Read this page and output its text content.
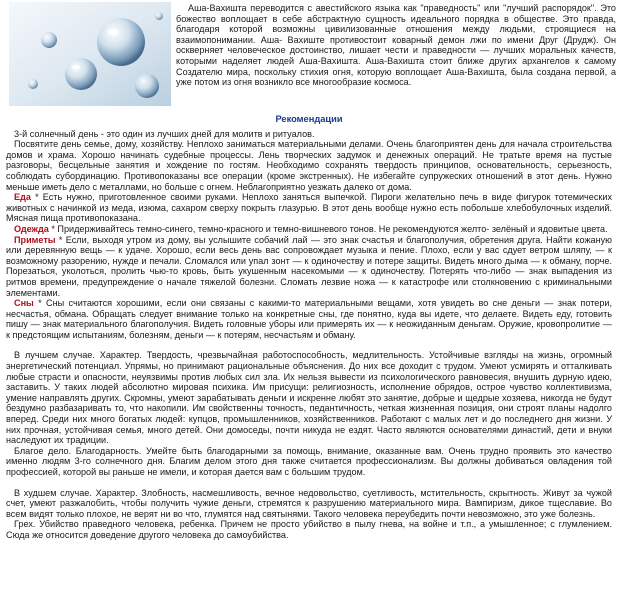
Аша-Вахишта переводится с авестийского языка как "праведность" или "лучший распорядок". Это божество воплощает в себе абстрактную сущность идеального порядка в обществе. Это правда, благодаря которой возможны цивилизованные отношения между людьми, строящиеся на взаимопонимании. Аша- Вахиште противостоит коварный демон лжи по имени Друг (Друдж). Он оскверняет человеческое достоинство, лишает чести и праведности — лучших моральных качеств, которыми наделяет людей Аша-Вахишта. Аша-Вахишта стоит ближе других архангелов к самому Создателю мира, поскольку стихия огня, которую воплощает Аша-Вахишта, была создана первой, а уже потом из огня возникло все многообразие космоса.

Рекомендации

3-й солнечный день - это один из лучших дней для молитв и ритуалов.

Посвятите день семье, дому, хозяйству. Неплохо заниматься материальными делами. Очень благоприятен день для начала строительства домов и храма. Хорошо начинать судебные процессы. Лень творческих задумок и денежных операций. Не тратьте время на пустые разговоры, бесцельные занятия и хождение по гостям. Необходимо сохранять твердость принципов, основательность, серьезность, соблюдать субординацию. Противопоказаны все операции (кроме экстренных). Не избегайте супружеских отношений в этот день. Нужно меньше иметь дело с металлами, но больше с огнем. Неблагоприятно уезжать далеко от дома.

Еда * Есть нужно, приготовленное своими руками. Неплохо заняться выпечкой. Пироги желательно печь в виде фигурок тотемических животных с начинкой из меда, изюма, сахаром сверху покрыть глазурью. В этот день вообще нужно есть побольше хлебобулочных изделий. Мясная пища противопоказана.

Одежда * Придерживайтесь темно-синего, темно-красного и темно-вишневого тонов. Не рекомендуются желто- зелёный и ядовитые цвета.

Приметы * Если, выходя утром из дому, вы услышите собачий лай — это знак счастья и благополучия, обретения друга. Найти кожаную или деревянную вещь — к удаче. Хорошо, если весь день вас сопровождает музыка и пение. Плохо, если у вас сдует ветром шляпу, — к возможному разорению, нужде и печали. Сломался или упал зонт — к одиночеству и потере защиты. Видеть много дыма — к обману, порче. Порезаться, уколоться, пролить чью-то кровь, быть укушенным насекомыми — к одиночеству. Потерять что-либо — знак выпадения из ритмов времени, предупреждение о начале тяжелой болезни. Сломать лезвие ножа — к катастрофе или столкновению с криминальными элементами.

Сны * Сны считаются хорошими, если они связаны с какими-то материальными вещами, хотя увидеть во сне деньги — знак потери, несчастья, обмана. Обращать следует внимание только на конкретные сны, где понятно, куда вы идете, что делаете. Видеть еду, готовить пишу — знак материального благополучия. Видеть головные уборы или примерять их — к неожиданным деньгам. Оружие, кровопролитие — к предстоящим испытаниям, болезням, деньги — к потерям, несчастьям и обману.

В лучшем случае. Характер. Твердость, чрезвычайная работоспособность, медлительность. Устойчивые взгляды на жизнь, огромный энергетический потенциал. Упрямы, но принимают рациональные объяснения. До них все доходит с трудом. Умеют усмирять и отталкивать любые страсти и опасности, неуязвимы против любых сил зла. Их нельзя вывести из психологического равновесия, внушить дурную идею, заставить. У таких людей абсолютно мировая психика. Им присущи: религиозность, исполнение обрядов, острое чувство коллективизма, умение направлять других. Скромны, умеют зарабатывать деньги и искренне любят это занятие, добрые и щедрые хозяева, никогда не будут бездумно разбазаривать то, что накопили. Им свойственны точность, педантичность, четкая жизненная позиция, они строят планы надолго вперед. Среди них много богатых людей: купцов, промышленников, хозяйственников. Работают с малых лет и до последнего дня жизни. У них прочная, устойчивая семья, много детей. Они домоседы, почти никуда не ездят. Часто являются основателями династий, дети и внуки наследуют их традиции.

Благое дело. Благодарность. Умейте быть благодарными за помощь, внимание, оказанные вам. Очень трудно проявить это качество именно людям 3-го солнечного дня. Благим делом этого дня также считается профессионализм. Вы должны добиваться овладения той профессией, которой вы раньше не имели, и которая дается вам с большим трудом.

В худшем случае. Характер. Злобность, насмешливость, вечное недовольство, суетливость, мстительность, скрытность. Живут за чужой счет, умеют разжалобить, чтобы получить чужие деньги, стремятся к разрушению материального мира. Вампиризм, дикое тщеславие. Во всем видят только плохое, не верят ни во что, глумятся над святынями. Такого человека переубедить почти невозможно, это уже болезнь.

Грех. Убийство праведного человека, ребенка. Причем не просто убийство в пылу гнева, на войне и т.п., а умышленное; с глумлением. Сюда же относится доведение другого человека до самоубийства.
